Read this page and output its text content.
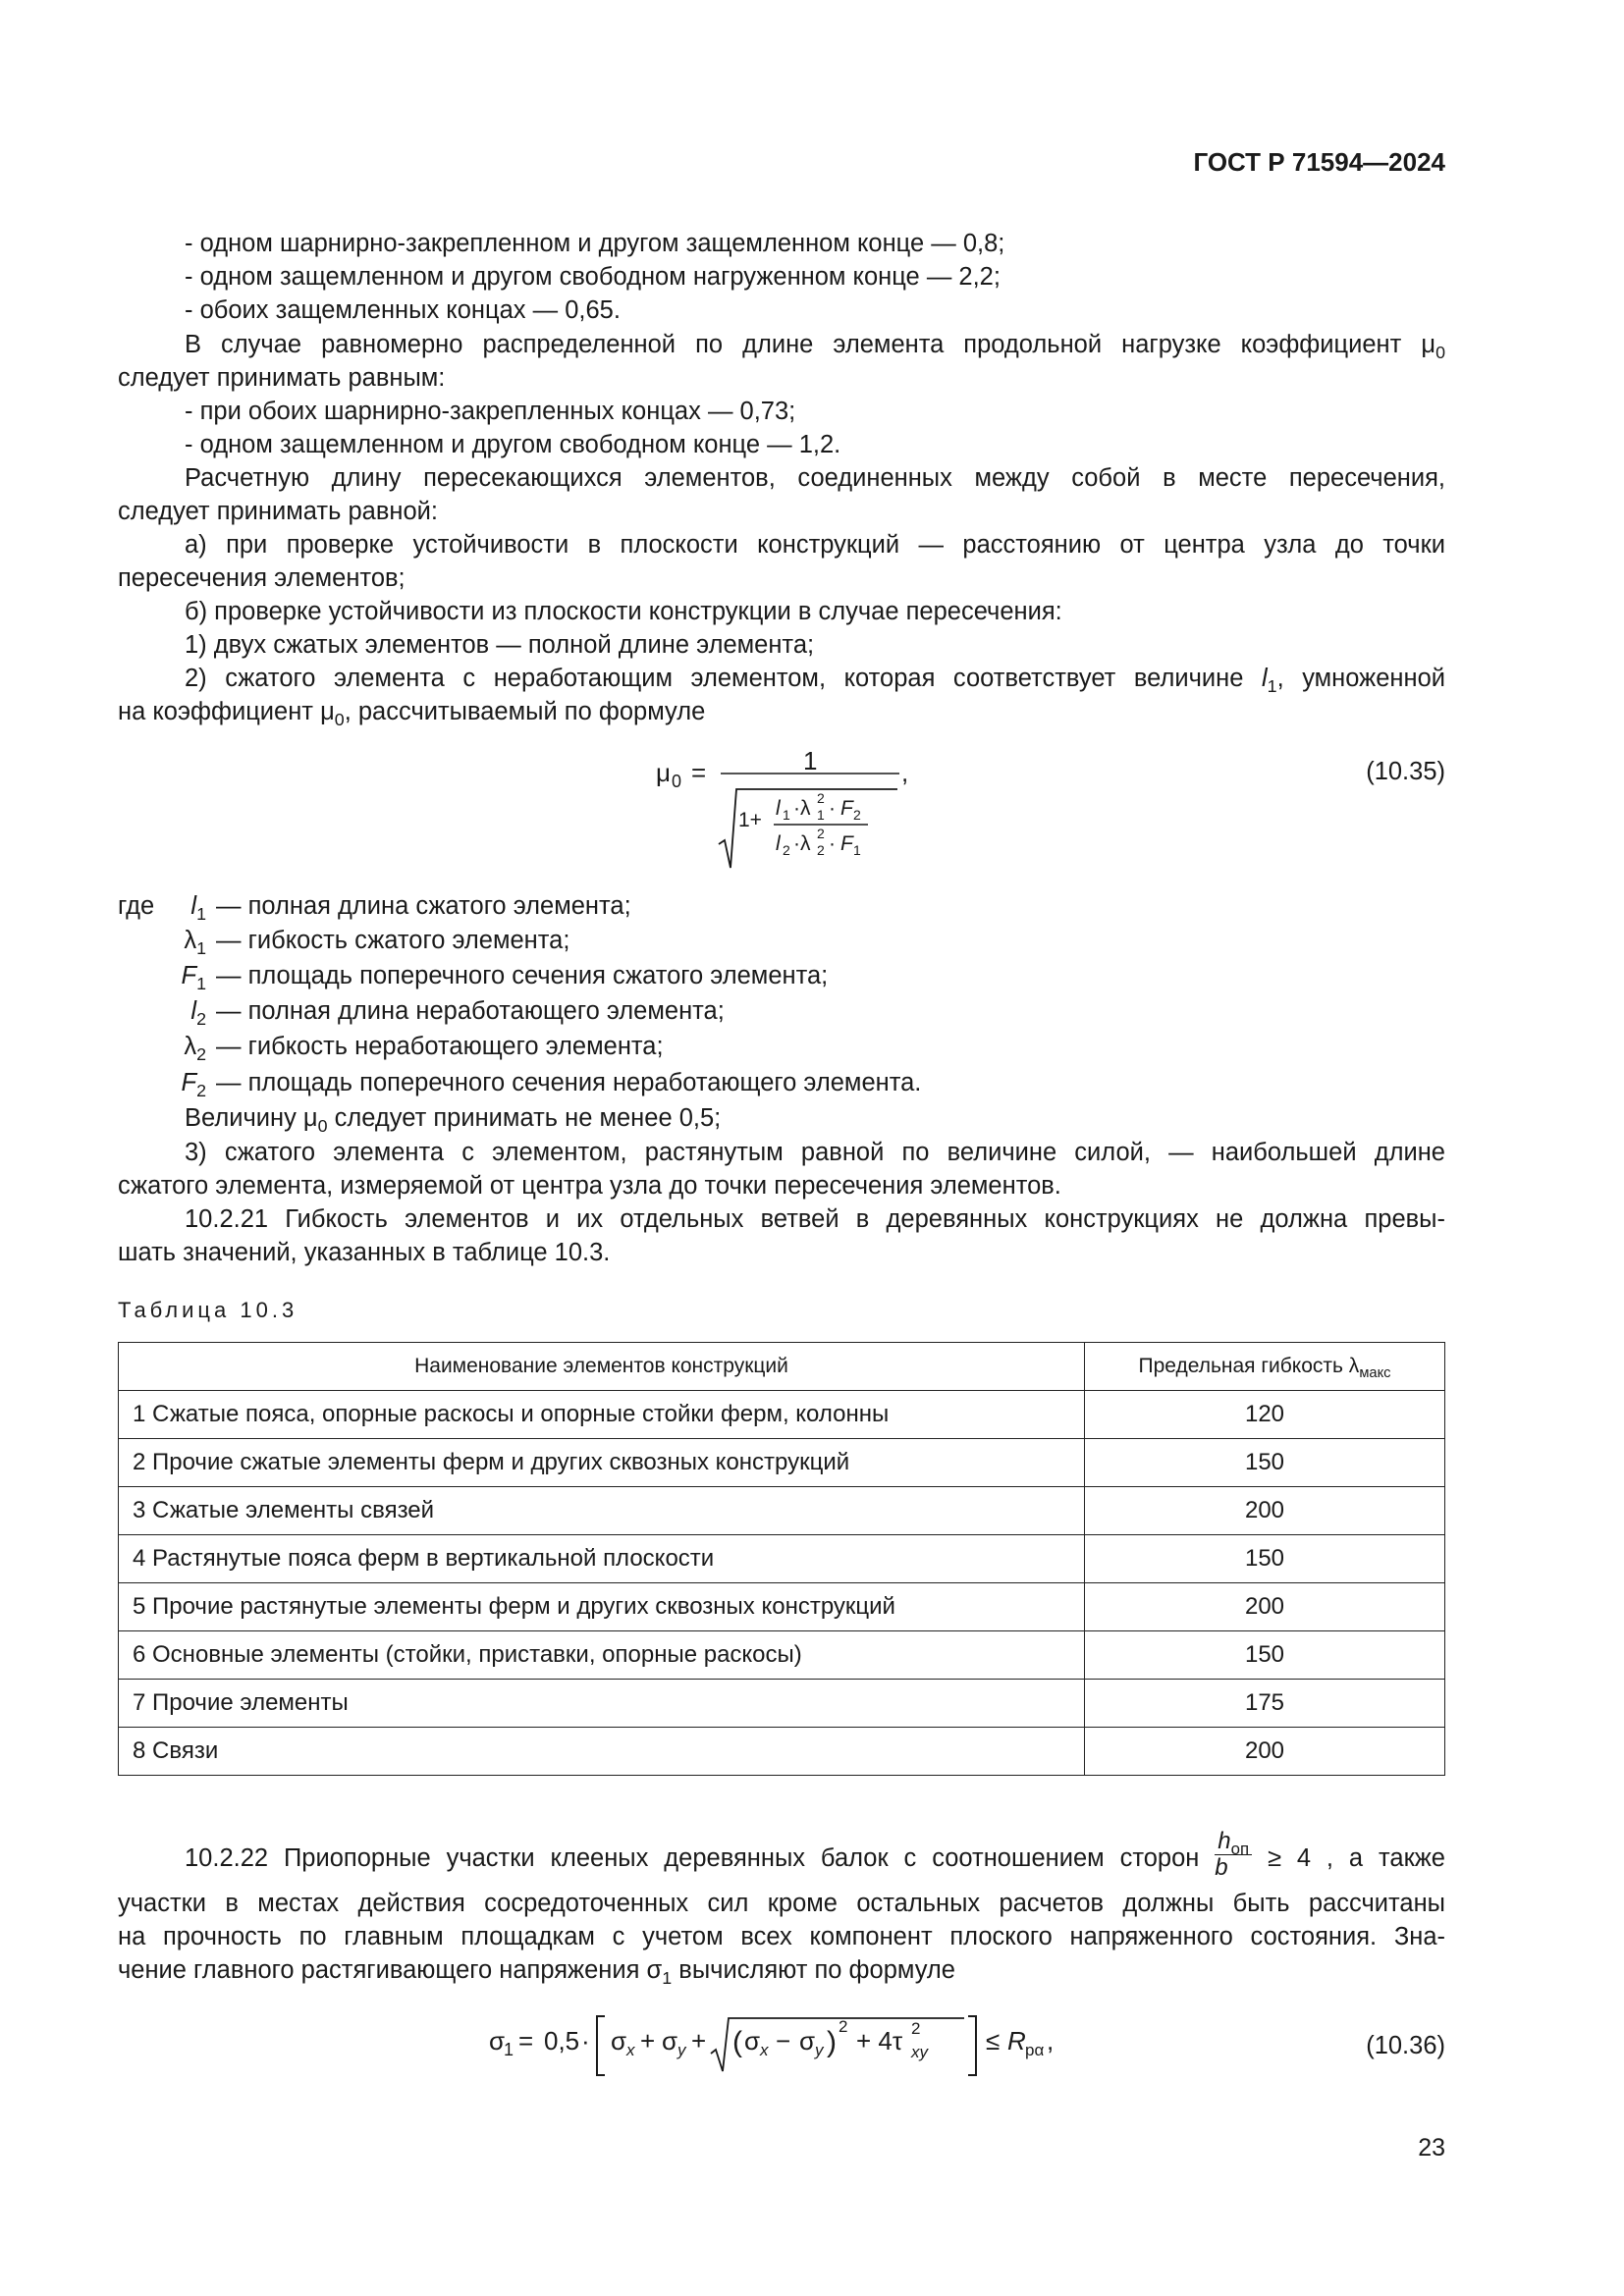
ГОСТ Р 71594—2024
- одном шарнирно-закрепленном и другом защемленном конце — 0,8;
- одном защемленном и другом свободном нагруженном конце — 2,2;
- обоих защемленных концах — 0,65.
В случае равномерно распределенной по длине элемента продольной нагрузке коэффициент $\mu_0$
следует принимать равным:
- при обоих шарнирно-закрепленных концах — 0,73;
- одном защемленном и другом свободном конце — 1,2.
Расчетную длину пересекающихся элементов, соединенных между собой в месте пересечения,
следует принимать равной:
а) при проверке устойчивости в плоскости конструкций — расстоянию от центра узла до точки
пересечения элементов;
б) проверке устойчивости из плоскости конструкции в случае пересечения:
1) двух сжатых элементов — полной длине элемента;
2) сжатого элемента с неработающим элементом, которая соответствует величине $l_1$, умноженной
на коэффициент $\mu_0$, рассчитываемый по формуле
μ 0 =	1
1+
l 1 ·λ 2
1 · F 2
l 2 ·λ 2
2 · F 1
,	(10.35)
где	$l_1$ — полная длина сжатого элемента;
$\lambda_1$ — гибкость сжатого элемента;
$F_1$ — площадь поперечного сечения сжатого элемента;
$l_2$ — полная длина неработающего элемента;
$\lambda_2$ — гибкость неработающего элемента;
$F_2$ — площадь поперечного сечения неработающего элемента.
Величину $\mu_0$ следует принимать не менее 0,5;
3) сжатого элемента с элементом, растянутым равной по величине силой, — наибольшей длине
сжатого элемента, измеряемой от центра узла до точки пересечения элементов.
10.2.21 Гибкость элементов и их отдельных ветвей в деревянных конструкциях не должна превы-
шать значений, указанных в таблице 10.3.
Таблица 10.3
Наименование элементов конструкций	Предельная гибкость $\lambda_{макс}$
1 Сжатые пояса, опорные раскосы и опорные стойки ферм, колонны	120
2 Прочие сжатые элементы ферм и других сквозных конструкций	150
3 Сжатые элементы связей	200
4 Растянутые пояса ферм в вертикальной плоскости	150
5 Прочие растянутые элементы ферм и других сквозных конструкций	200
6 Основные элементы (стойки, приставки, опорные раскосы)	150
7 Прочие элементы	175
8 Связи	200
10.2.22 Приопорные участки клееных деревянных балок с соотношением сторон $\frac{h_{оп}}{b} \ge 4$ , а также
участки в местах действия сосредоточенных сил кроме остальных расчетов должны быть рассчитаны
на прочность по главным площадкам с учетом всех компонент плоского напряженного состояния. Зна-
чение главного растягивающего напряжения $\sigma_1$ вычисляют по формуле
σ
1 = 0,5 · σ x + σ y + ( σ x − σ y ) 2 + 4τ 2
xy ≤ R pα ,	(10.36)
23
